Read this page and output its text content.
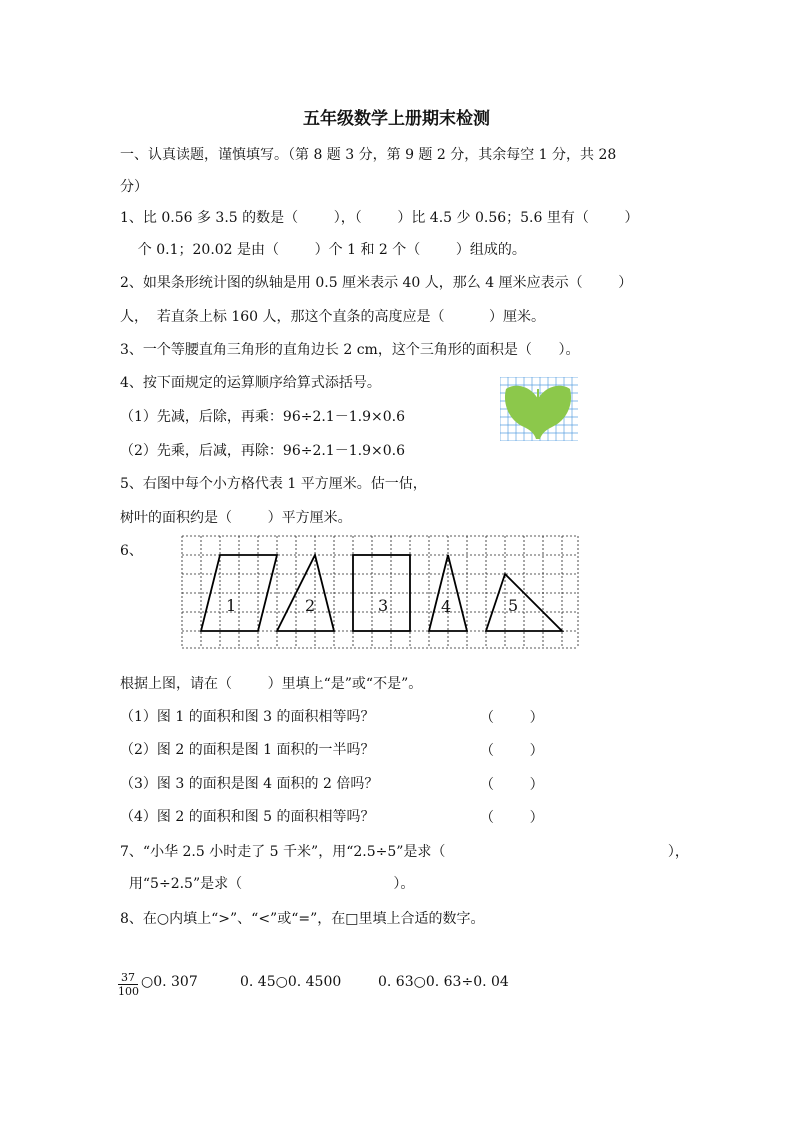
五年级数学上册期末检测
一、认真读题，谨慎填写。（第 8 题 3 分，第 9 题 2 分，其余每空 1 分，共 28
分）
1、比 0.56 多 3.5 的数是（        ），（        ）比 4.5 少 0.56；5.6 里有（        ）
个 0.1；20.02 是由（        ）个 1 和 2 个（        ）组成的。
2、如果条形统计图的纵轴是用 0.5 厘米表示 40 人，那么 4 厘米应表示（        ）
人，  若直条上标 160 人，那这个直条的高度应是（          ）厘米。
3、一个等腰直角三角形的直角边长 2 cm，这个三角形的面积是（      ）。
4、按下面规定的运算顺序给算式添括号。
（1）先减，后除，再乘：96÷2.1－1.9×0.6
（2）先乘，后减，再除：96÷2.1－1.9×0.6
5、右图中每个小方格代表 1 平方厘米。估一估，
树叶的面积约是（        ）平方厘米。
6、
1	2	3	4	5
根据上图，请在（        ）里填上“是”或“不是”。
（1）图 1 的面积和图 3 的面积相等吗？	（        ）
（2）图 2 的面积是图 1 面积的一半吗？	（        ）
（3）图 3 的面积是图 4 面积的 2 倍吗？	（        ）
（4）图 2 的面积和图 5 的面积相等吗？	（        ）
7、“小华 2.5 小时走了 5 千米”，用“2.5÷5”是求（                                                  ），
用“5÷2.5”是求（                                  ）。
8、在○内填上“>”、“<”或“=”，在□里填上合适的数字。
$\frac{37}{100}$ ○0. 307	0. 45○0. 4500	0. 63○0. 63÷0. 04
